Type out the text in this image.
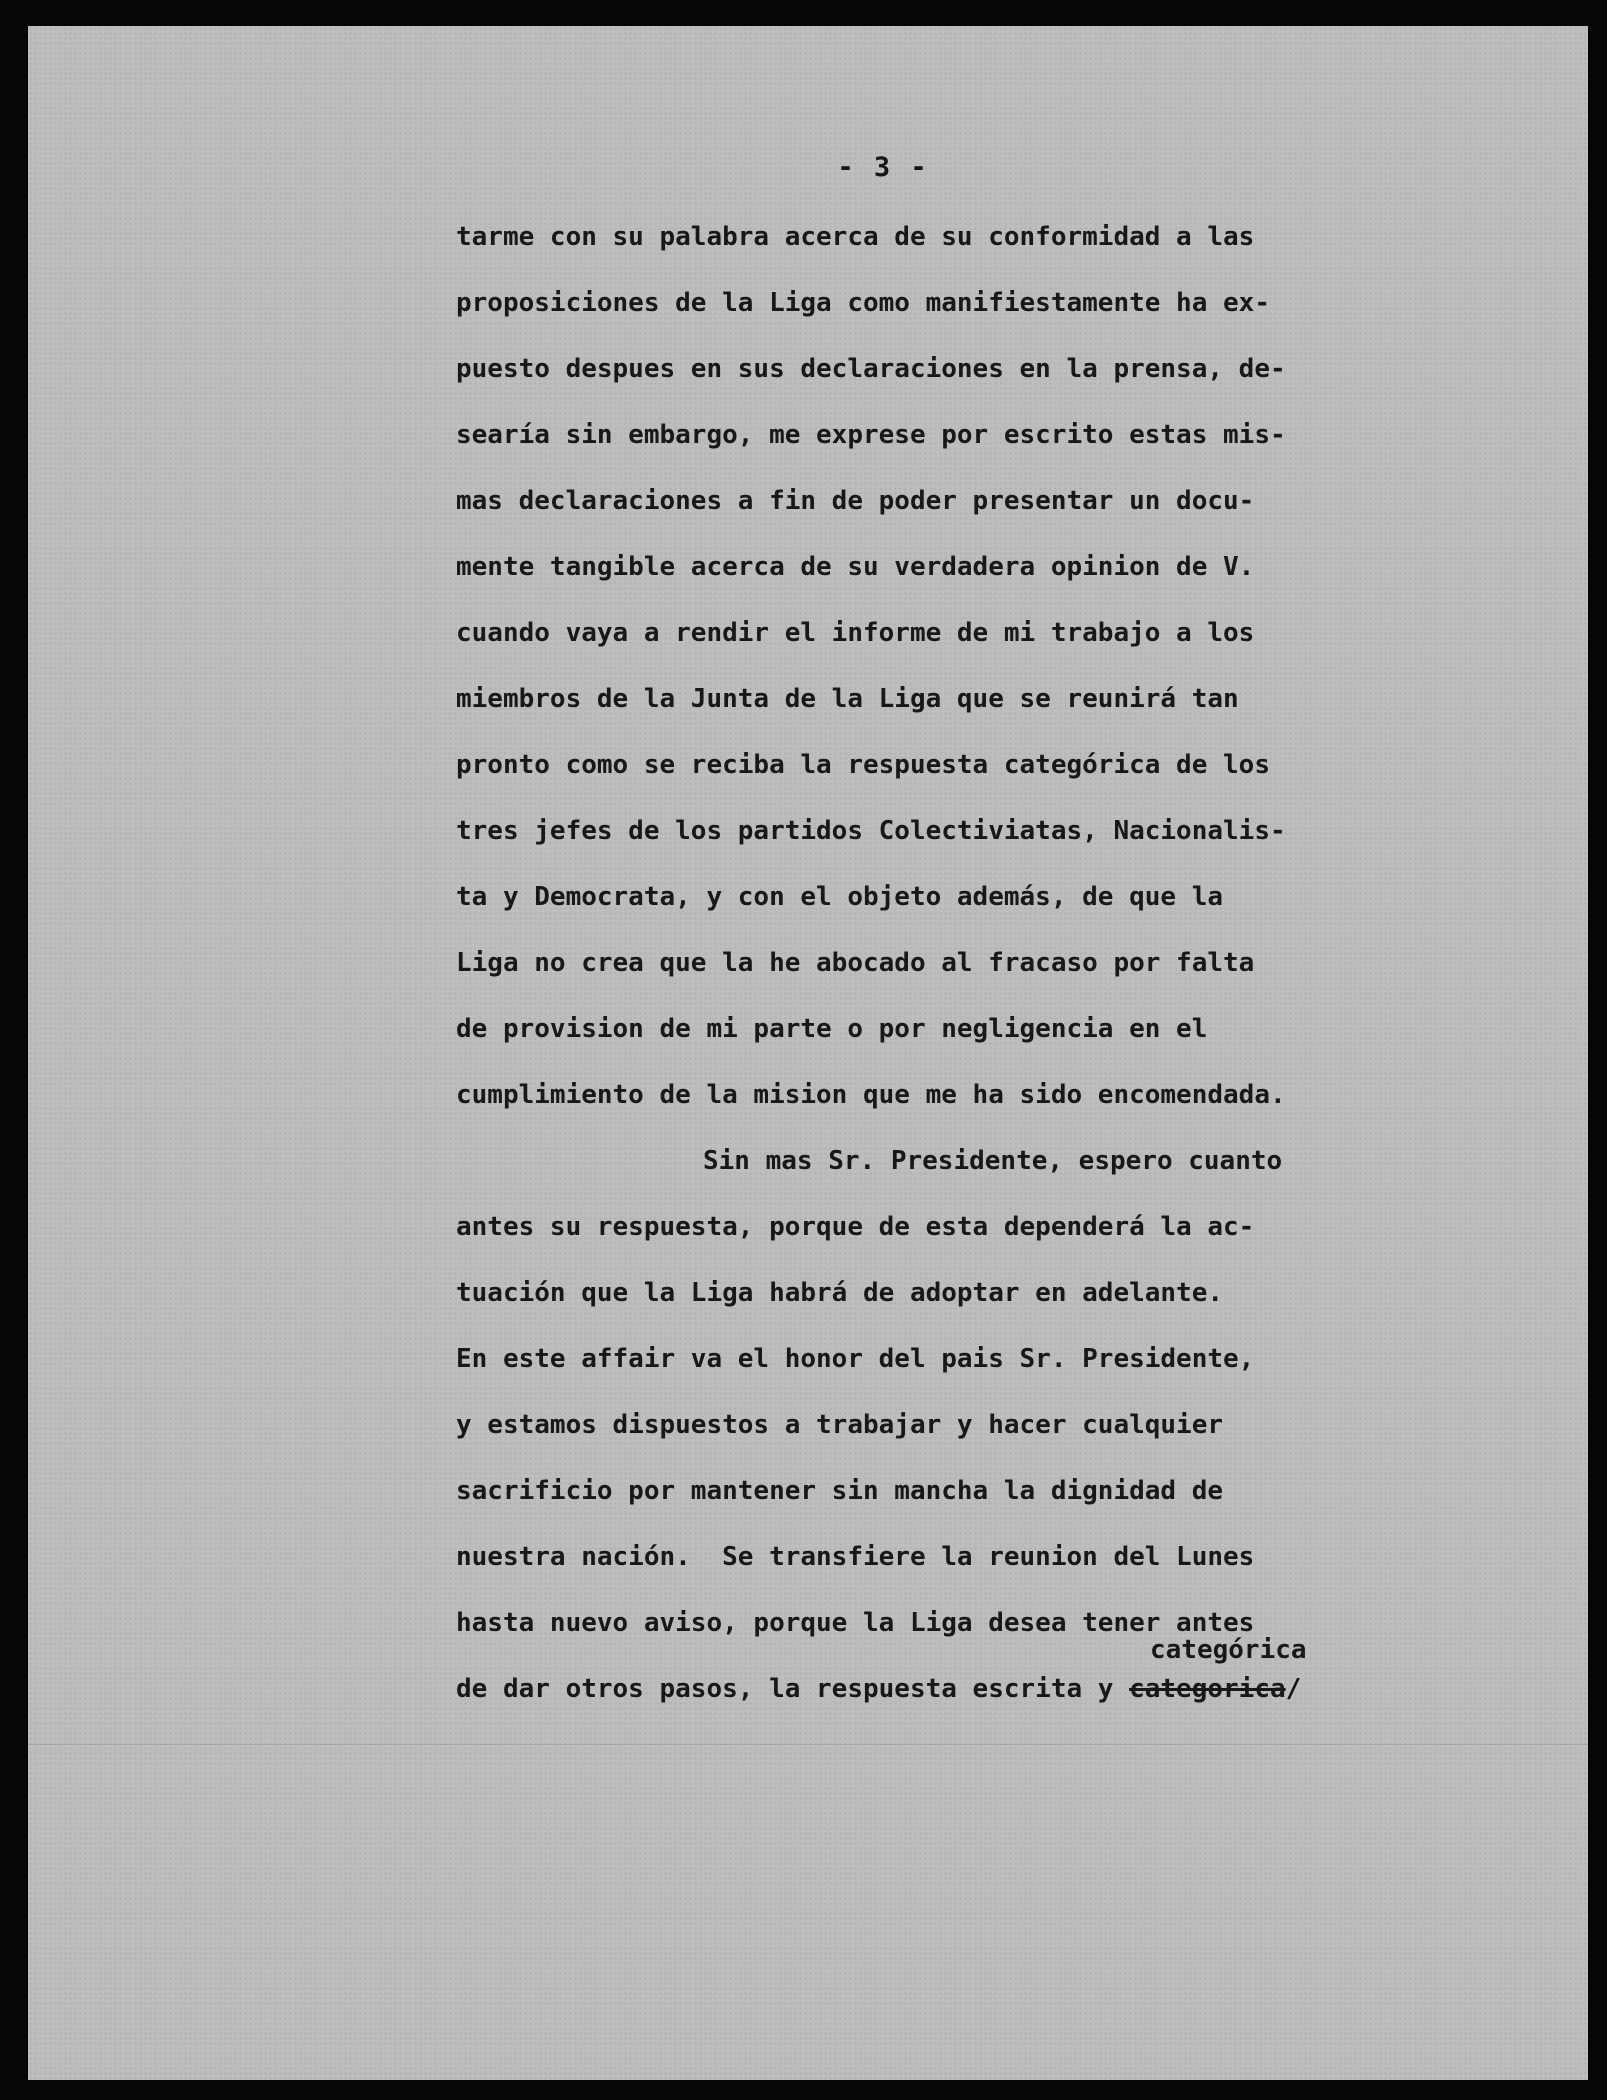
- 3 -

tarme con su palabra acerca de su conformidad a las

proposiciones de la Liga como manifiestamente ha ex-

puesto despues en sus declaraciones en la prensa, de-

searía sin embargo, me exprese por escrito estas mis-

mas declaraciones a fin de poder presentar un docu-

mente tangible acerca de su verdadera opinion de V.

cuando vaya a rendir el informe de mi trabajo a los

miembros de la Junta de la Liga que se reunirá tan

pronto como se reciba la respuesta categórica de los

tres jefes de los partidos Colectiviatas, Nacionalis-

ta y Democrata, y con el objeto además, de que la

Liga no crea que la he abocado al fracaso por falta

de provision de mi parte o por negligencia en el

cumplimiento de la mision que me ha sido encomendada.

Sin mas Sr. Presidente, espero cuanto

antes su respuesta, porque de esta dependerá la ac-

tuación que la Liga habrá de adoptar en adelante.

En este affair va el honor del pais Sr. Presidente,

y estamos dispuestos a trabajar y hacer cualquier

sacrificio por mantener sin mancha la dignidad de

nuestra nación.  Se transfiere la reunion del Lunes

hasta nuevo aviso, porque la Liga desea tener antes

categórica

de dar otros pasos, la respuesta escrita y categorica/
